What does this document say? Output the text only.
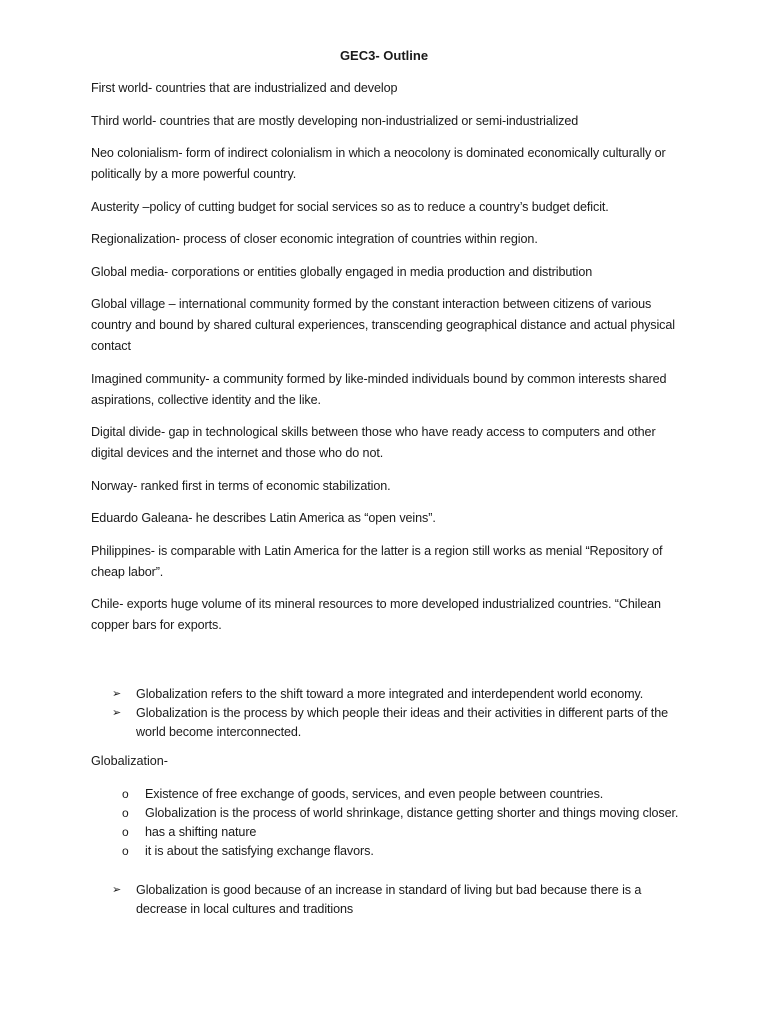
GEC3- Outline

First world- countries that are industrialized and develop

Third world- countries that are mostly developing non-industrialized or semi-industrialized

Neo colonialism- form of indirect colonialism in which a neocolony is dominated economically culturally or politically by a more powerful country.

Austerity –policy of cutting budget for social services so as to reduce a country’s budget deficit.

Regionalization- process of closer economic integration of countries within region.

Global media- corporations or entities globally engaged in media production and distribution

Global village – international community formed by the constant interaction between citizens of various country and bound by shared cultural experiences, transcending geographical distance and actual physical contact

Imagined community- a community formed by like-minded individuals bound by common interests shared aspirations, collective identity and the like.

Digital divide- gap in technological skills between those who have ready access to computers and other digital devices and the internet and those who do not.

Norway- ranked first in terms of economic stabilization.

Eduardo Galeana- he describes Latin America as “open veins”.

Philippines- is comparable with Latin America for the latter is a region still works as menial “Repository of cheap labor”.

Chile- exports huge volume of its mineral resources to more developed industrialized countries. “Chilean copper bars for exports.

➢ Globalization refers to the shift toward a more integrated and interdependent world economy.
➢ Globalization is the process by which people their ideas and their activities in different parts of the world become interconnected.
Globalization-
o Existence of free exchange of goods, services, and even people between countries.
o Globalization is the process of world shrinkage, distance getting shorter and things moving closer.
o has a shifting nature
o it is about the satisfying exchange flavors.
➢ Globalization is good because of an increase in standard of living but bad because there is a decrease in local cultures and traditions
